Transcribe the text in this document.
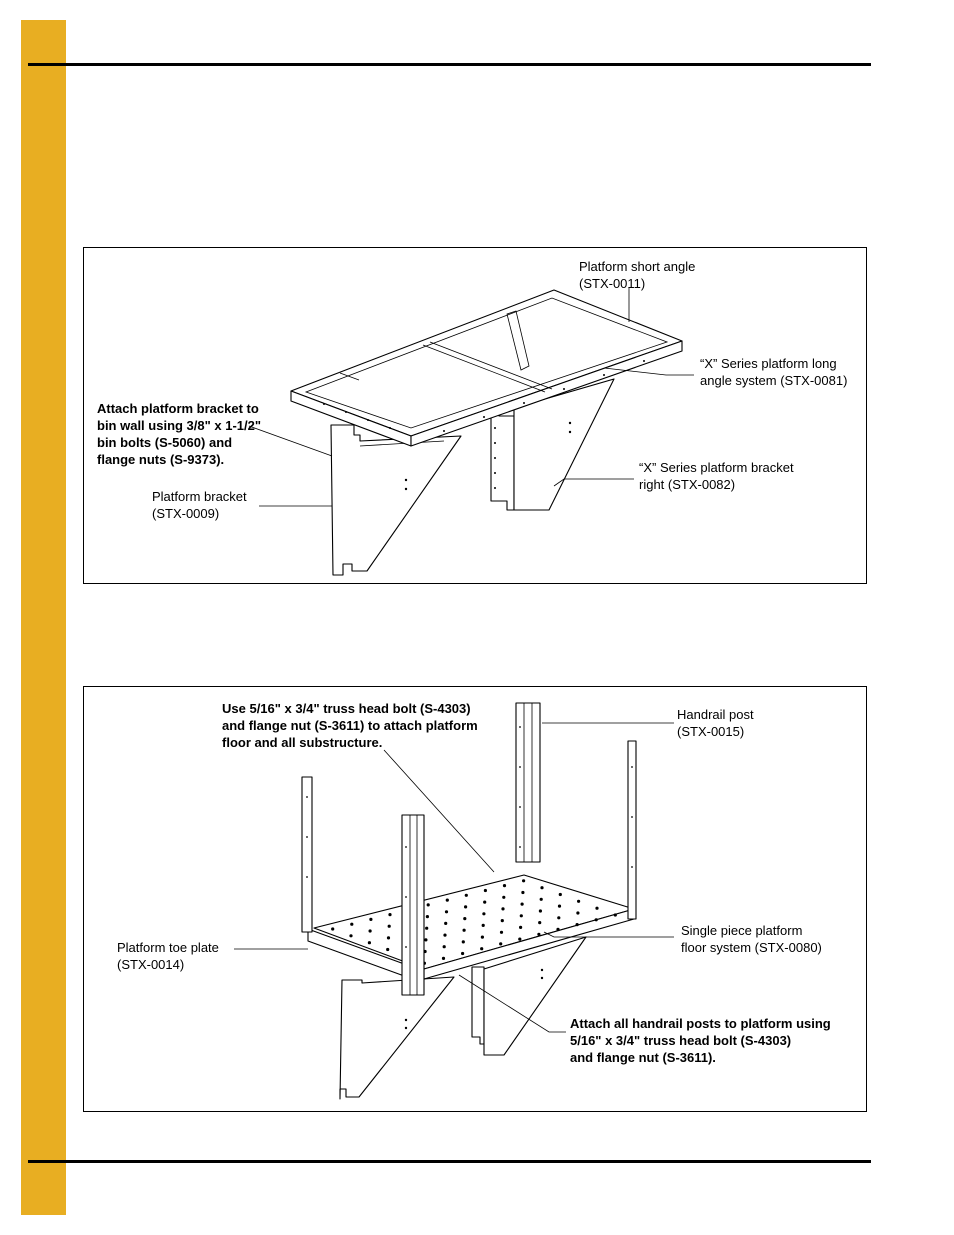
Platform short angle
(STX-0011)
“X” Series platform long
angle system (STX-0081)
Attach platform bracket to
bin wall using 3/8" x 1-1/2"
bin bolts (S-5060) and
flange nuts (S-9373).
“X” Series platform bracket
right (STX-0082)
Platform bracket
(STX-0009)
Use 5/16" x 3/4" truss head bolt (S-4303)
and flange nut (S-3611) to attach platform
floor and all substructure.
Handrail post
(STX-0015)
Single piece platform
floor system (STX-0080)
Platform toe plate
(STX-0014)
Attach all handrail posts to platform using
5/16" x 3/4" truss head bolt (S-4303)
and flange nut (S-3611).
